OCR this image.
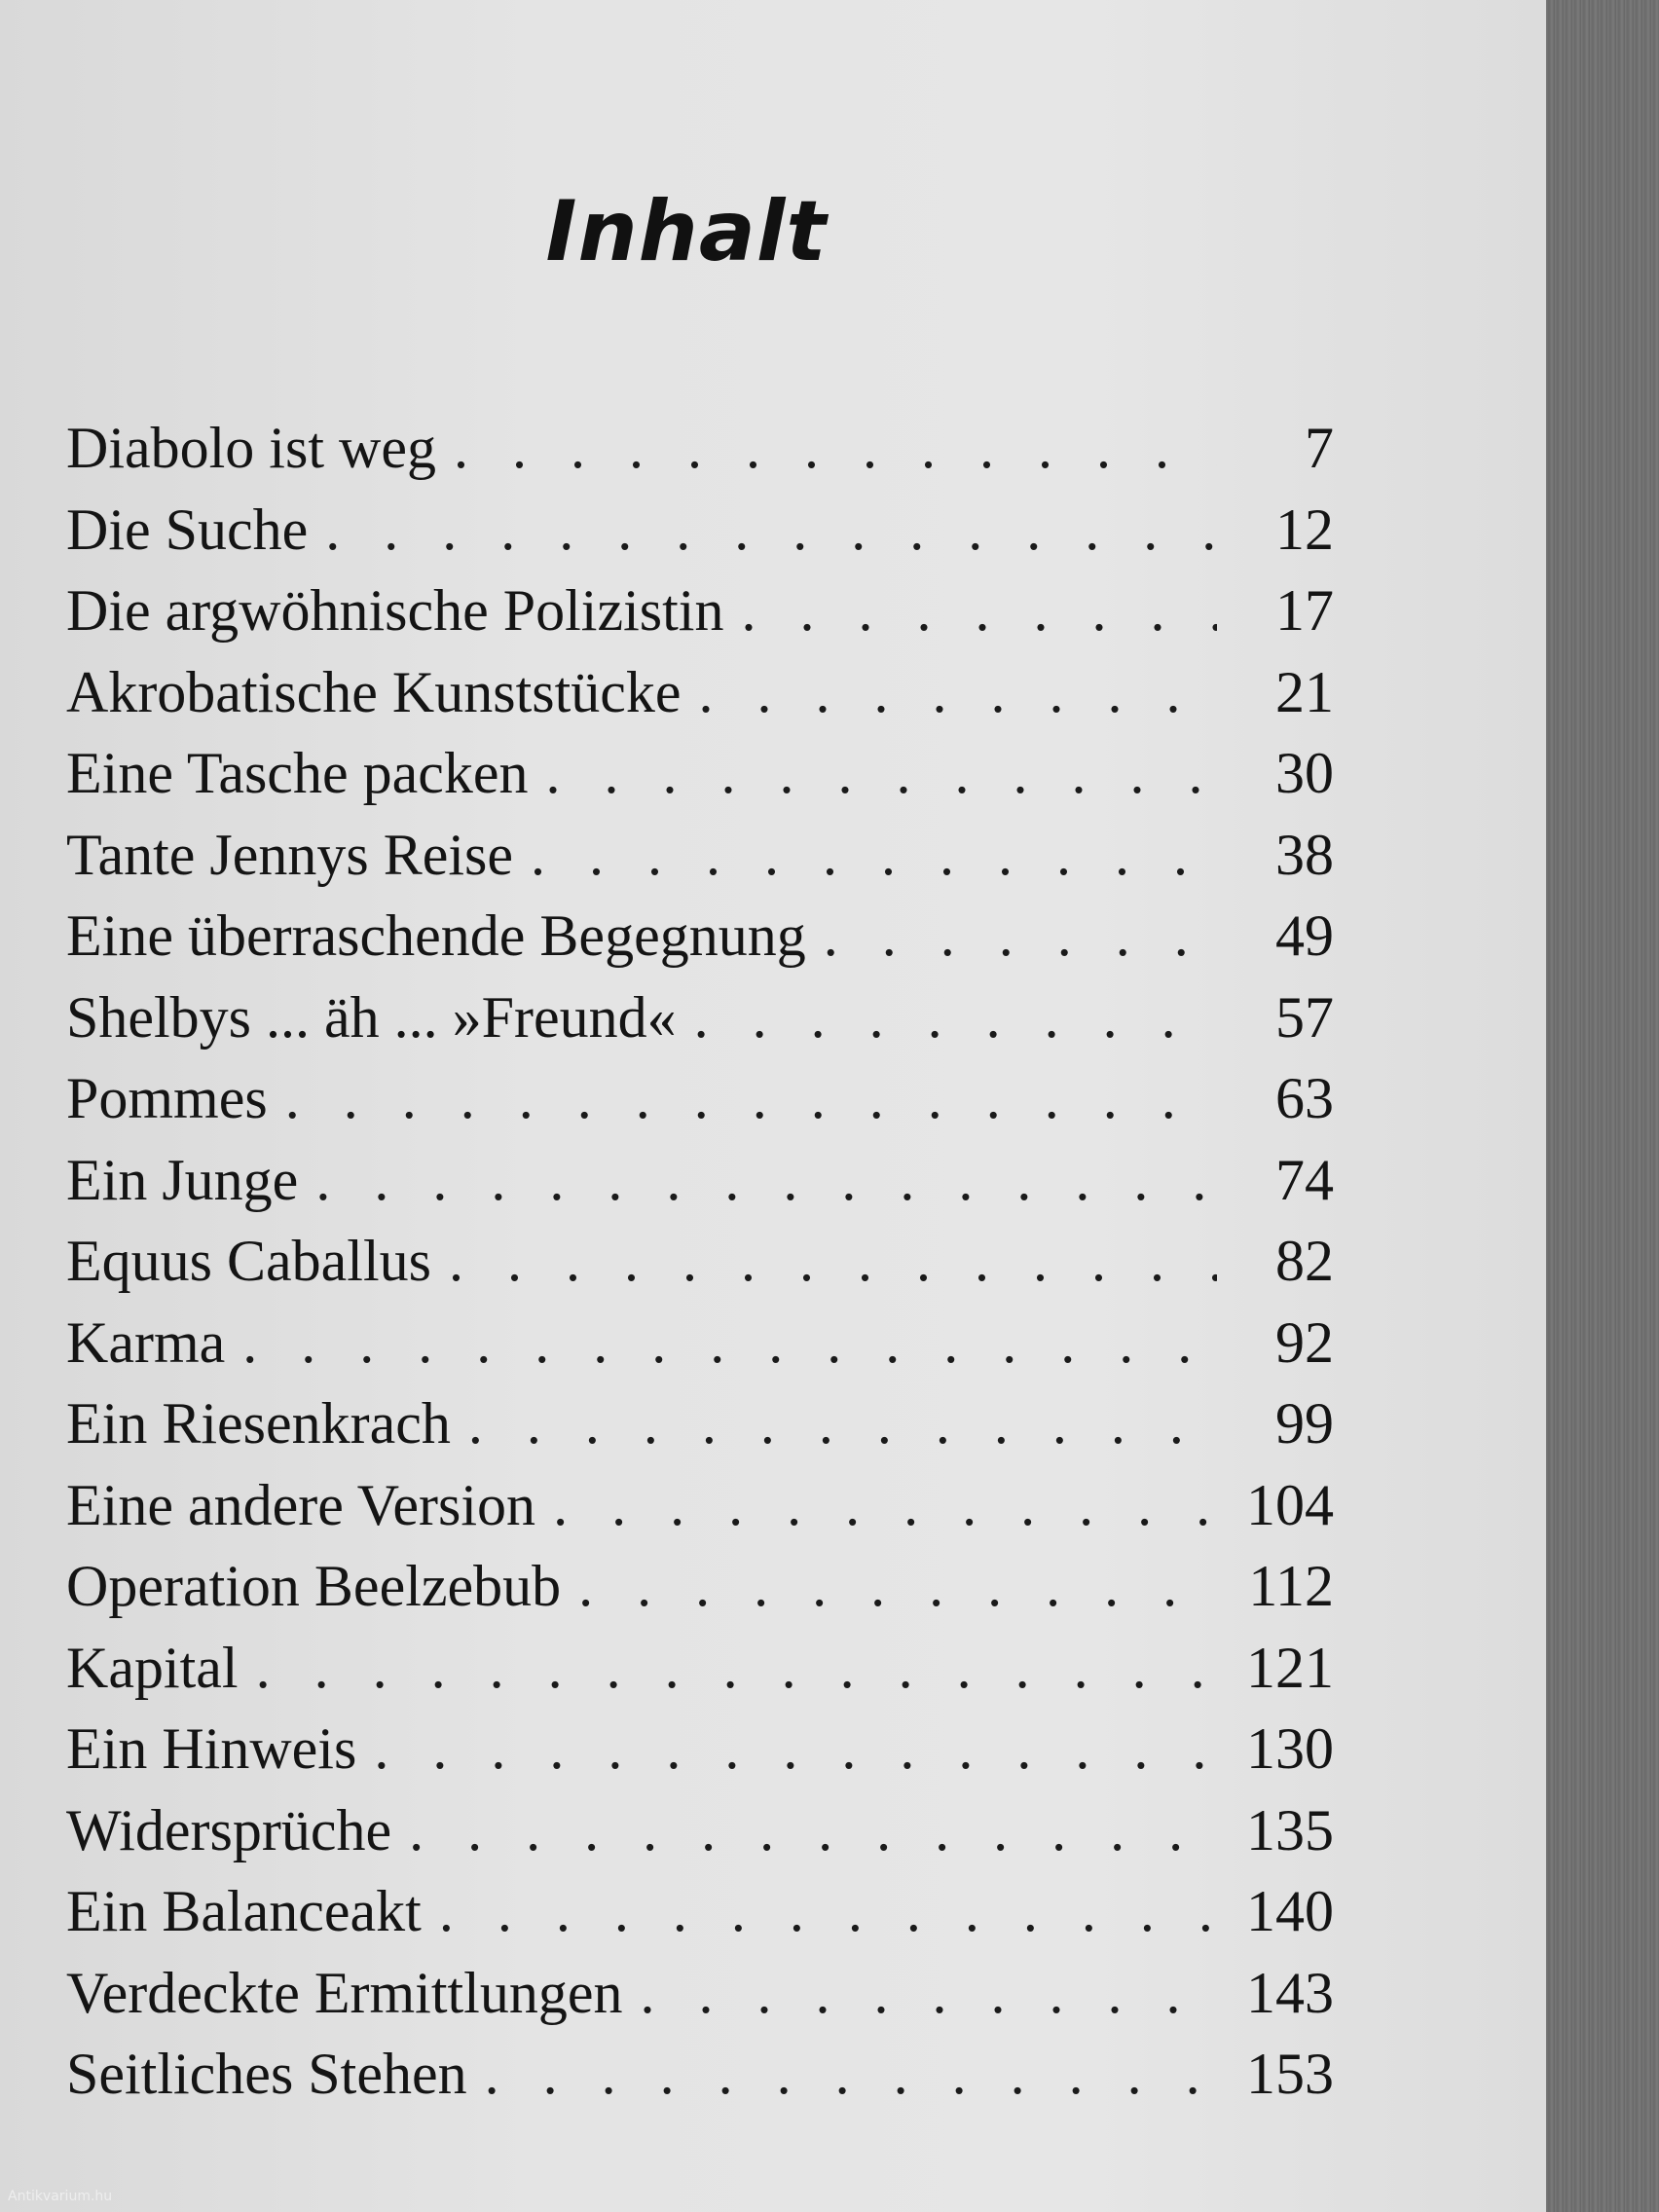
Inhalt
Diabolo ist weg . . .	7
Die Suche . . .	12
Die argwöhnische Polizistin . . .	17
Akrobatische Kunststücke . . .	21
Eine Tasche packen . . .	30
Tante Jennys Reise . . .	38
Eine überraschende Begegnung . . .	49
Shelbys ... äh ... »Freund« . . .	57
Pommes . . .	63
Ein Junge . . .	74
Equus Caballus . . .	82
Karma . . .	92
Ein Riesenkrach . . .	99
Eine andere Version . . .	104
Operation Beelzebub . . .	112
Kapital . . .	121
Ein Hinweis . . .	130
Widersprüche . . .	135
Ein Balanceakt . . .	140
Verdeckte Ermittlungen . . .	143
Seitliches Stehen . . .	153
Antikvarium.hu
